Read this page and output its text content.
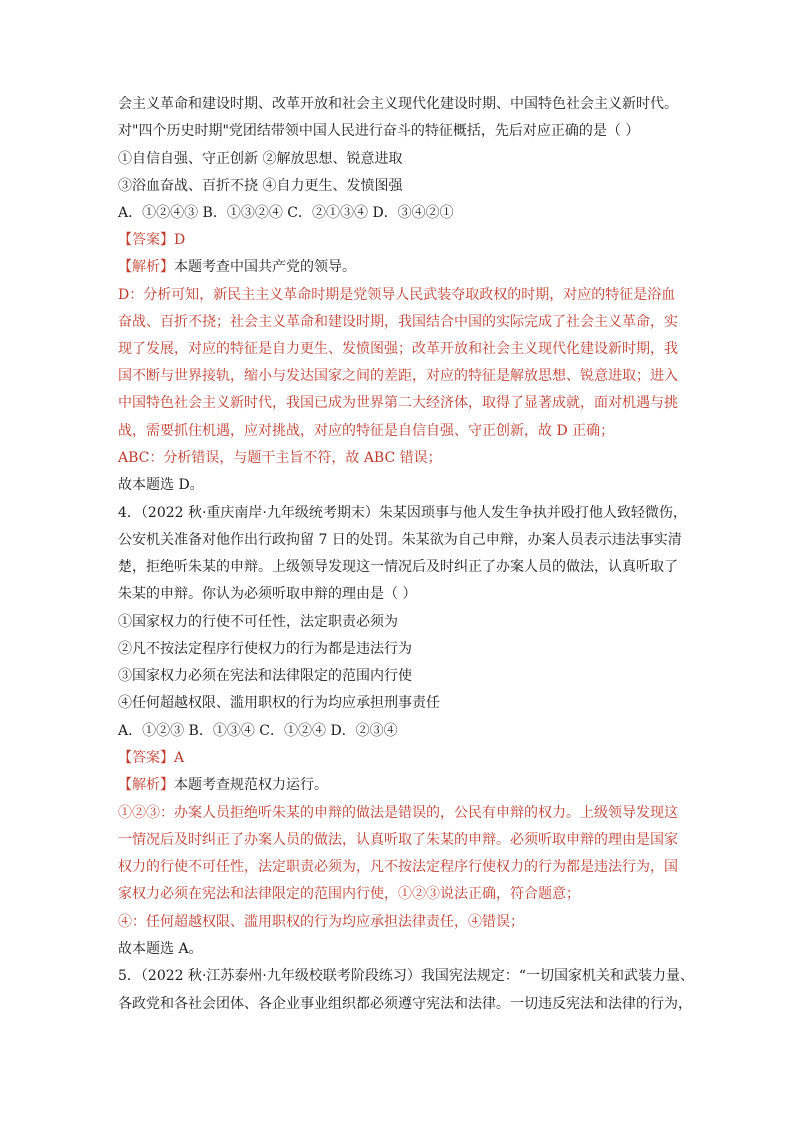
会主义革命和建设时期、改革开放和社会主义现代化建设时期、中国特色社会主义新时代。
对"四个历史时期"党团结带领中国人民进行奋斗的特征概括，先后对应正确的是（ ）
①自信自强、守正创新 ②解放思想、锐意进取
③浴血奋战、百折不挠 ④自力更生、发愤图强
A．①②④③ B．①③②④ C．②①③④ D．③④②①
【答案】D
【解析】本题考查中国共产党的领导。
D：分析可知，新民主主义革命时期是党领导人民武装夺取政权的时期，对应的特征是浴血
奋战、百折不挠；社会主义革命和建设时期，我国结合中国的实际完成了社会主义革命，实
现了发展，对应的特征是自力更生、发愤图强；改革开放和社会主义现代化建设新时期，我
国不断与世界接轨，缩小与发达国家之间的差距，对应的特征是解放思想、锐意进取；进入
中国特色社会主义新时代，我国已成为世界第二大经济体，取得了显著成就，面对机遇与挑
战，需要抓住机遇，应对挑战，对应的特征是自信自强、守正创新，故 D 正确；
ABC：分析错误，与题干主旨不符，故 ABC 错误；
故本题选 D。
4．（2022 秋·重庆南岸·九年级统考期末）朱某因琐事与他人发生争执并殴打他人致轻微伤，
公安机关准备对他作出行政拘留 7 日的处罚。朱某欲为自己申辩，办案人员表示违法事实清
楚，拒绝听朱某的申辩。上级领导发现这一情况后及时纠正了办案人员的做法，认真听取了
朱某的申辩。你认为必须听取申辩的理由是（ ）
①国家权力的行使不可任性，法定职责必须为
②凡不按法定程序行使权力的行为都是违法行为
③国家权力必须在宪法和法律限定的范围内行使
④任何超越权限、滥用职权的行为均应承担刑事责任
A．①②③ B．①③④ C．①②④ D．②③④
【答案】A
【解析】本题考查规范权力运行。
①②③：办案人员拒绝听朱某的申辩的做法是错误的，公民有申辩的权力。上级领导发现这
一情况后及时纠正了办案人员的做法，认真听取了朱某的申辩。必须听取申辩的理由是国家
权力的行使不可任性，法定职责必须为，凡不按法定程序行使权力的行为都是违法行为，国
家权力必须在宪法和法律限定的范围内行使，①②③说法正确，符合题意；
④：任何超越权限、滥用职权的行为均应承担法律责任，④错误；
故本题选 A。
5．（2022 秋·江苏泰州·九年级校联考阶段练习）我国宪法规定：“一切国家机关和武装力量、
各政党和各社会团体、各企业事业组织都必须遵守宪法和法律。一切违反宪法和法律的行为，
